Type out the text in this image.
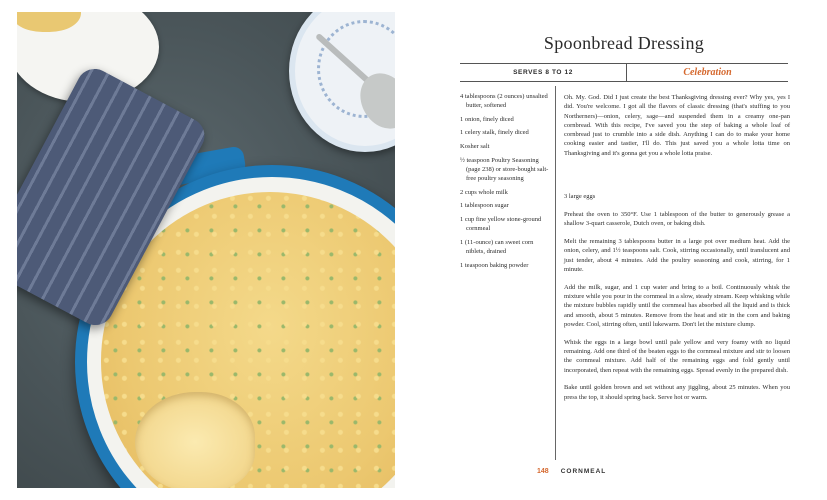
Spoonbread Dressing
SERVES 8 TO 12	Celebration
4 tablespoons (2 ounces) unsalted butter, softened
1 onion, finely diced
1 celery stalk, finely diced
Kosher salt
½ teaspoon Poultry Seasoning (page 238) or store-bought salt-free poultry seasoning
2 cups whole milk
1 tablespoon sugar
1 cup fine yellow stone-ground cornmeal
1 (11-ounce) can sweet corn niblets, drained
1 teaspoon baking powder

Oh. My. God. Did I just create the best Thanksgiving dressing ever? Why yes, yes I did. You're welcome. I got all the flavors of classic dressing (that's stuffing to you Northerners)—onion, celery, sage—and suspended them in a creamy one-pan cornbread. With this recipe, I've saved you the step of baking a whole loaf of cornbread just to crumble into a side dish. Anything I can do to make your home cooking easier and tastier, I'll do. This just saved you a whole lotta time on Thanksgiving and it's gonna get you a whole lotta praise.

3 large eggs

Preheat the oven to 350°F. Use 1 tablespoon of the butter to generously grease a shallow 3-quart casserole, Dutch oven, or baking dish.

Melt the remaining 3 tablespoons butter in a large pot over medium heat. Add the onion, celery, and 1½ teaspoons salt. Cook, stirring occasionally, until translucent and just tender, about 4 minutes. Add the poultry seasoning and cook, stirring, for 1 minute.

Add the milk, sugar, and 1 cup water and bring to a boil. Continuously whisk the mixture while you pour in the cornmeal in a slow, steady stream. Keep whisking while the mixture bubbles rapidly until the cornmeal has absorbed all the liquid and is thick and smooth, about 5 minutes. Remove from the heat and stir in the corn and baking powder. Cool, stirring often, until lukewarm. Don't let the mixture clump.

Whisk the eggs in a large bowl until pale yellow and very foamy with no liquid remaining. Add one third of the beaten eggs to the cornmeal mixture and stir to loosen the cornmeal mixture. Add half of the remaining eggs and fold gently until incorporated, then repeat with the remaining eggs. Spread evenly in the prepared dish.

Bake until golden brown and set without any jiggling, about 25 minutes. When you press the top, it should spring back. Serve hot or warm.

148 CORNMEAL
